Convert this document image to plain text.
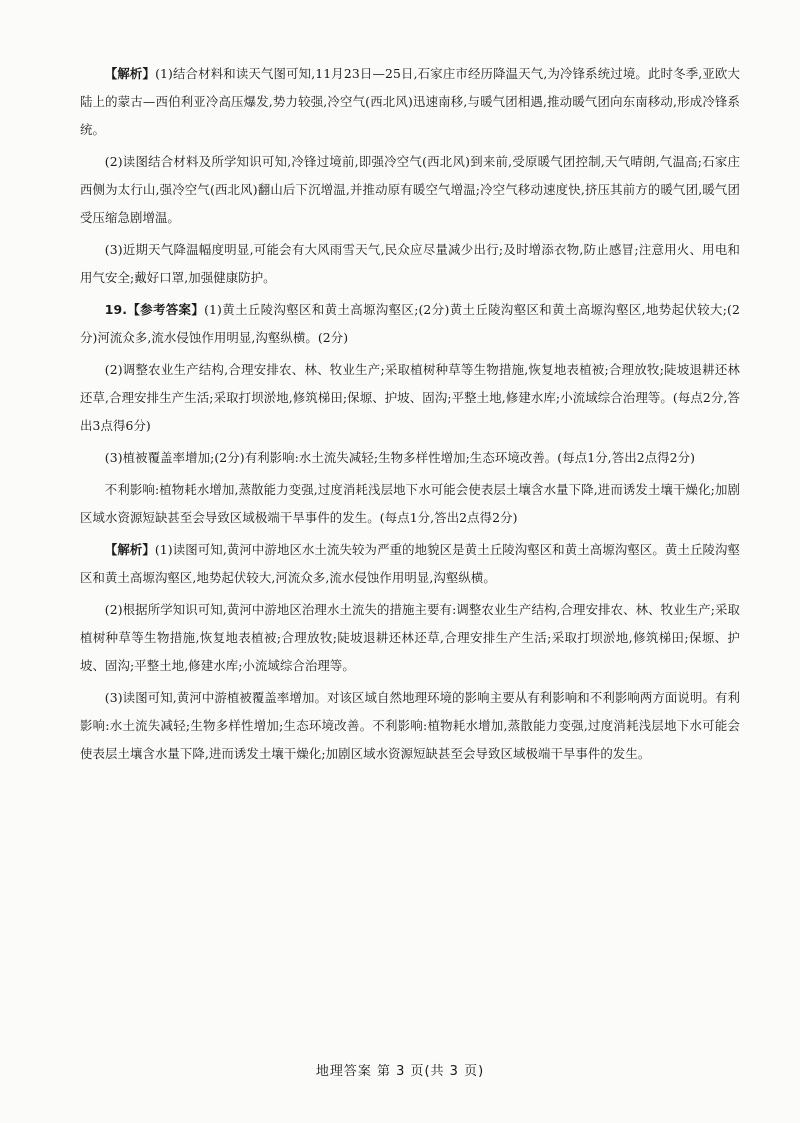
【解析】(1)结合材料和读天气图可知,11月23日—25日,石家庄市经历降温天气,为冷锋系统过境。此时冬季,亚欧大陆上的蒙古—西伯利亚冷高压爆发,势力较强,冷空气(西北风)迅速南移,与暖气团相遇,推动暖气团向东南移动,形成冷锋系统。

(2)读图结合材料及所学知识可知,冷锋过境前,即强冷空气(西北风)到来前,受原暖气团控制,天气晴朗,气温高;石家庄西侧为太行山,强冷空气(西北风)翻山后下沉增温,并推动原有暖空气增温;冷空气移动速度快,挤压其前方的暖气团,暖气团受压缩急剧增温。

(3)近期天气降温幅度明显,可能会有大风雨雪天气,民众应尽量减少出行;及时增添衣物,防止感冒;注意用火、用电和用气安全;戴好口罩,加强健康防护。

19.【参考答案】(1)黄土丘陵沟壑区和黄土高塬沟壑区;(2分)黄土丘陵沟壑区和黄土高塬沟壑区,地势起伏较大;(2分)河流众多,流水侵蚀作用明显,沟壑纵横。(2分)

(2)调整农业生产结构,合理安排农、林、牧业生产;采取植树种草等生物措施,恢复地表植被;合理放牧;陡坡退耕还林还草,合理安排生产生活;采取打坝淤地,修筑梯田;保塬、护坡、固沟;平整土地,修建水库;小流域综合治理等。(每点2分,答出3点得6分)

(3)植被覆盖率增加;(2分)有利影响:水土流失减轻;生物多样性增加;生态环境改善。(每点1分,答出2点得2分)

不利影响:植物耗水增加,蒸散能力变强,过度消耗浅层地下水可能会使表层土壤含水量下降,进而诱发土壤干燥化;加剧区域水资源短缺甚至会导致区域极端干旱事件的发生。(每点1分,答出2点得2分)

【解析】(1)读图可知,黄河中游地区水土流失较为严重的地貌区是黄土丘陵沟壑区和黄土高塬沟壑区。黄土丘陵沟壑区和黄土高塬沟壑区,地势起伏较大,河流众多,流水侵蚀作用明显,沟壑纵横。

(2)根据所学知识可知,黄河中游地区治理水土流失的措施主要有:调整农业生产结构,合理安排农、林、牧业生产;采取植树种草等生物措施,恢复地表植被;合理放牧;陡坡退耕还林还草,合理安排生产生活;采取打坝淤地,修筑梯田;保塬、护坡、固沟;平整土地,修建水库;小流域综合治理等。

(3)读图可知,黄河中游植被覆盖率增加。对该区域自然地理环境的影响主要从有利影响和不利影响两方面说明。有利影响:水土流失减轻;生物多样性增加;生态环境改善。不利影响:植物耗水增加,蒸散能力变强,过度消耗浅层地下水可能会使表层土壤含水量下降,进而诱发土壤干燥化;加剧区域水资源短缺甚至会导致区域极端干旱事件的发生。

地理答案 第 3 页(共 3 页)
